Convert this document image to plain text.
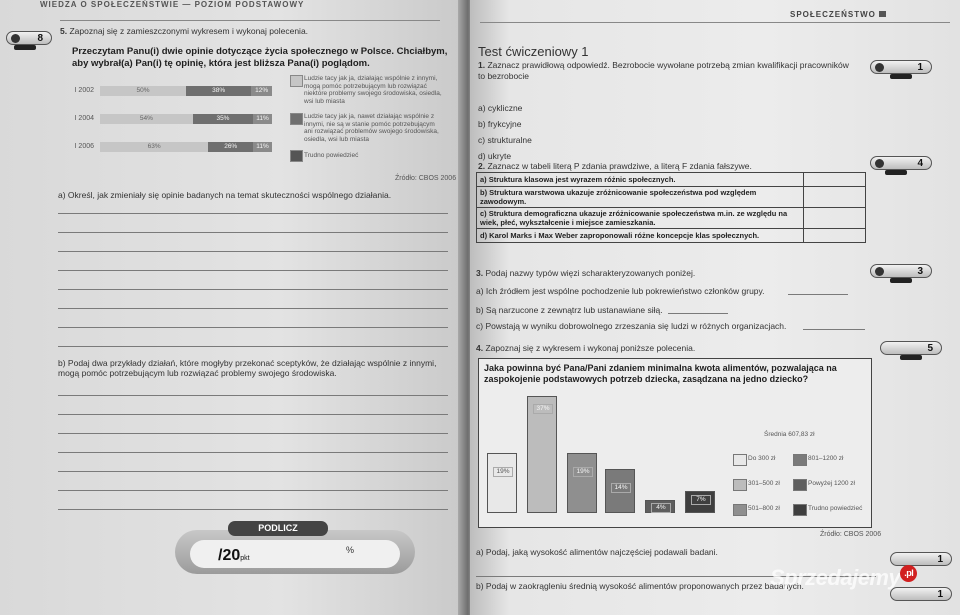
WIEDZA O SPOŁECZEŃSTWIE — POZIOM PODSTAWOWY
8
5. Zapoznaj się z zamieszczonymi wykresem i wykonaj polecenia.
Przeczytam Panu(i) dwie opinie dotyczące życia społecznego w Polsce. Chciałbym, aby wybrał(a) Pan(i) tę opinię, która jest bliższa Pana(i) poglądom.
I 2002	50%	38%	12%
I 2004	54%	35%	11%
I 2006	63%	26%	11%
Ludzie tacy jak ja, działając wspólnie z innymi, mogą pomóc potrzebującym lub rozwiązać niektóre problemy swojego środowiska, osiedla, wsi lub miasta
Ludzie tacy jak ja, nawet działając wspólnie z innymi, nie są w stanie pomóc potrzebującym ani rozwiązać problemów swojego środowiska, osiedla, wsi lub miasta
Trudno powiedzieć
Źródło: CBOS 2006
a) Określ, jak zmieniały się opinie badanych na temat skuteczności wspólnego działania.
b) Podaj dwa przykłady działań, które mogłyby przekonać sceptyków, że działając wspólnie z innymi, mogą pomóc potrzebującym lub rozwiązać problemy swojego środowiska.
PODLICZ
/20pkt
%
SPOŁECZEŃSTWO
Test ćwiczeniowy 1
1. Zaznacz prawidłową odpowiedź. Bezrobocie wywołane potrzebą zmian kwalifikacji pracowników to bezrobocie
1
a) cykliczne
b) frykcyjne
c) strukturalne
d) ukryte
2. Zaznacz w tabeli literą P zdania prawdziwe, a literą F zdania fałszywe.	4
a) Struktura klasowa jest wyrazem różnic społecznych.	
b) Struktura warstwowa ukazuje zróżnicowanie społeczeństwa pod względem zawodowym.	
c) Struktura demograficzna ukazuje zróżnicowanie społeczeństwa m.in. ze względu na wiek, płeć, wykształcenie i miejsce zamieszkania.	
d) Karol Marks i Max Weber zaproponowali różne koncepcje klas społecznych.	
3. Podaj nazwy typów więzi scharakteryzowanych poniżej.	3
a) Ich źródłem jest wspólne pochodzenie lub pokrewieństwo członków grupy.
b) Są narzucone z zewnątrz lub ustanawiane siłą.
c) Powstają w wyniku dobrowolnego zrzeszania się ludzi w różnych organizacjach.
4. Zapoznaj się z wykresem i wykonaj poniższe polecenia.	5
Jaka powinna być Pana/Pani zdaniem minimalna kwota alimentów, pozwalająca na zaspokojenie podstawowych potrzeb dziecka, zasądzana na jedno dziecko?
19%
37%
19%
14%
4%
7%
Średnia 607,83 zł
Do 300 zł
301–500 zł
501–800 zł
801–1200 zł
Powyżej 1200 zł
Trudno powiedzieć
Źródło: CBOS 2006
a) Podaj, jaką wysokość alimentów najczęściej podawali badani.
b) Podaj w zaokrągleniu średnią wysokość alimentów proponowanych przez badanych.
1
1
Sprzedajemy .pl
